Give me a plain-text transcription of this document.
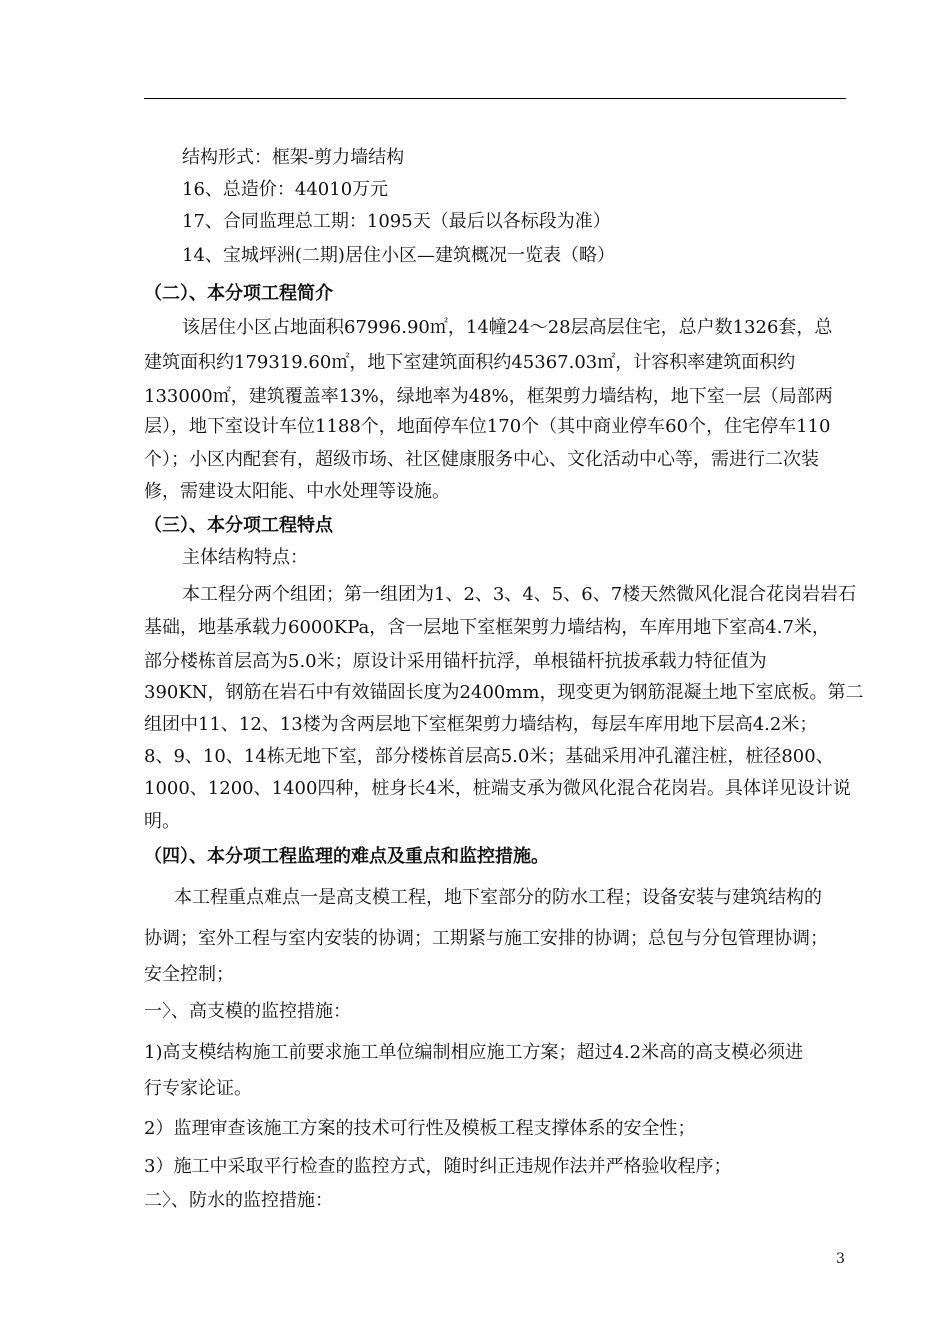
结构形式：框架-剪力墙结构
16、总造价：44010万元
17、合同监理总工期：1095天（最后以各标段为准）
14、宝城坪洲(二期)居住小区—建筑概况一览表（略）
（二）、本分项工程简介
该居住小区占地面积67996.90㎡，14幢24～28层高层住宅，总户数1326套，总
建筑面积约179319.60㎡，地下室建筑面积约45367.03㎡，计容积率建筑面积约
133000㎡，建筑覆盖率13%，绿地率为48%，框架剪力墙结构，地下室一层（局部两
层），地下室设计车位1188个，地面停车位170个（其中商业停车60个，住宅停车110
个）；小区内配套有，超级市场、社区健康服务中心、文化活动中心等，需进行二次装
修，需建设太阳能、中水处理等设施。
（三）、本分项工程特点
主体结构特点：
本工程分两个组团；第一组团为1、2、3、4、5、6、7楼天然微风化混合花岗岩岩石
基础，地基承载力6000KPa，含一层地下室框架剪力墙结构，车库用地下室高4.7米，
部分楼栋首层高为5.0米；原设计采用锚杆抗浮，单根锚杆抗拔承载力特征值为
390KN，钢筋在岩石中有效锚固长度为2400mm，现变更为钢筋混凝土地下室底板。第二
组团中11、12、13楼为含两层地下室框架剪力墙结构，每层车库用地下层高4.2米；
8、9、10、14栋无地下室，部分楼栋首层高5.0米；基础采用冲孔灌注桩，桩径800、
1000、1200、1400四种，桩身长4米，桩端支承为微风化混合花岗岩。具体详见设计说
明。
（四）、本分项工程监理的难点及重点和监控措施。
本工程重点难点一是高支模工程，地下室部分的防水工程；设备安装与建筑结构的
协调；室外工程与室内安装的协调；工期紧与施工安排的协调；总包与分包管理协调；
安全控制；
一〉、高支模的监控措施：
1)高支模结构施工前要求施工单位编制相应施工方案；超过4.2米高的高支模必须进
行专家论证。
2）监理审查该施工方案的技术可行性及模板工程支撑体系的安全性；
3）施工中采取平行检查的监控方式，随时纠正违规作法并严格验收程序；
二〉、防水的监控措施：
3
